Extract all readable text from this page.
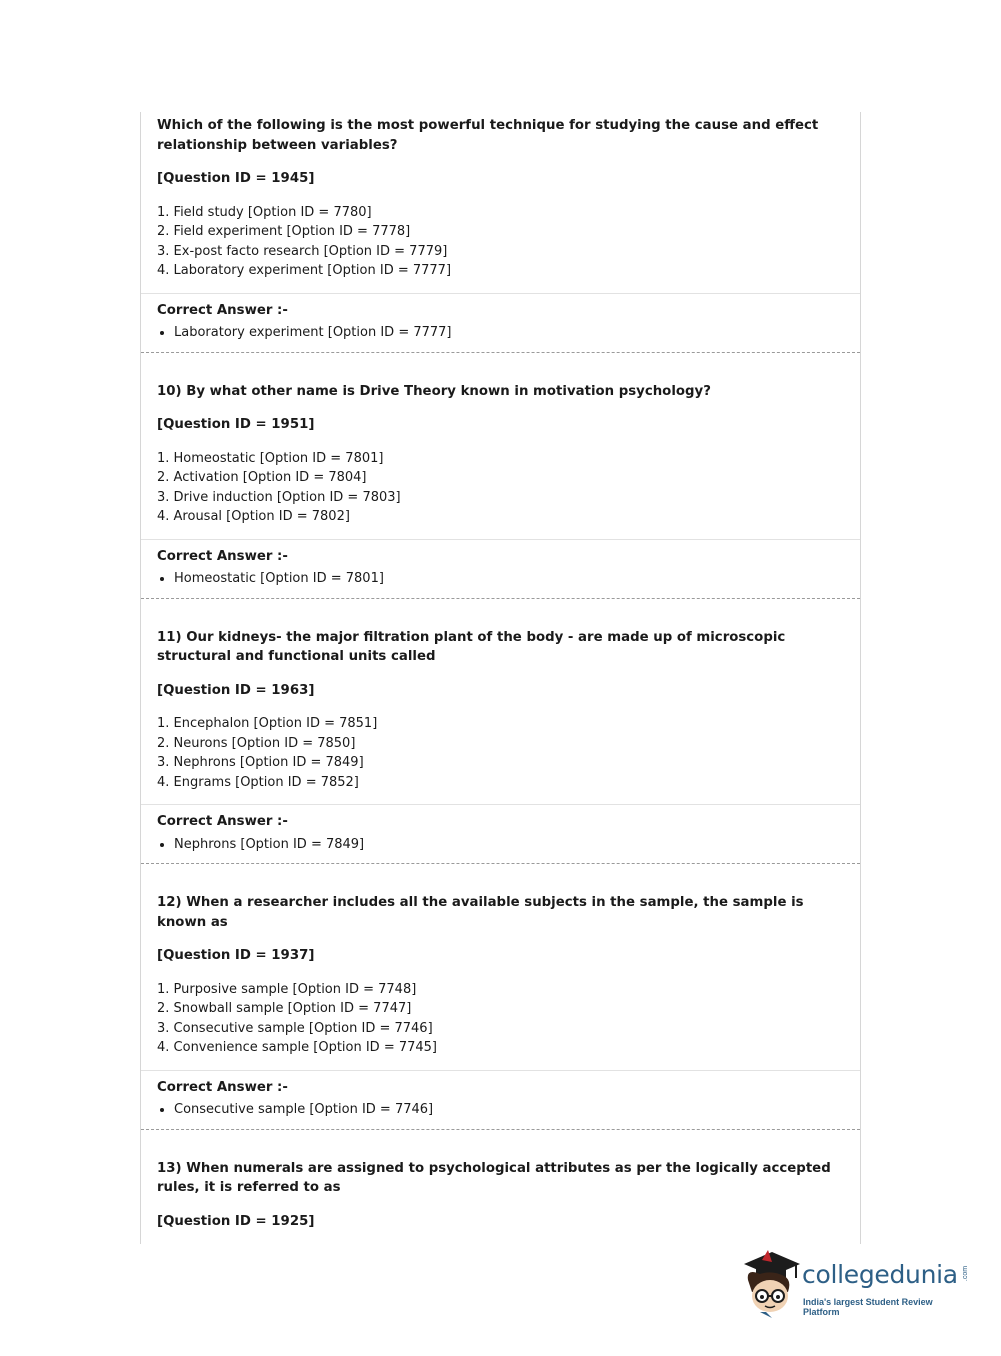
Which of the following is the most powerful technique for studying the cause and effect relationship between variables?

[Question ID = 1945]
1. Field study [Option ID = 7780]
2. Field experiment [Option ID = 7778]
3. Ex-post facto research [Option ID = 7779]
4. Laboratory experiment [Option ID = 7777]
Correct Answer :-
• Laboratory experiment [Option ID = 7777]

10) By what other name is Drive Theory known in motivation psychology?

[Question ID = 1951]
1. Homeostatic [Option ID = 7801]
2. Activation [Option ID = 7804]
3. Drive induction [Option ID = 7803]
4. Arousal [Option ID = 7802]
Correct Answer :-
• Homeostatic [Option ID = 7801]

11) Our kidneys- the major filtration plant of the body - are made up of microscopic structural and functional units called

[Question ID = 1963]
1. Encephalon [Option ID = 7851]
2. Neurons [Option ID = 7850]
3. Nephrons [Option ID = 7849]
4. Engrams [Option ID = 7852]
Correct Answer :-
• Nephrons [Option ID = 7849]

12) When a researcher includes all the available subjects in the sample, the sample is known as

[Question ID = 1937]
1. Purposive sample [Option ID = 7748]
2. Snowball sample [Option ID = 7747]
3. Consecutive sample [Option ID = 7746]
4. Convenience sample [Option ID = 7745]
Correct Answer :-
• Consecutive sample [Option ID = 7746]

13) When numerals are assigned to psychological attributes as per the logically accepted rules, it is referred to as

[Question ID = 1925]
collegedunia
India's largest Student Review Platform
.com
